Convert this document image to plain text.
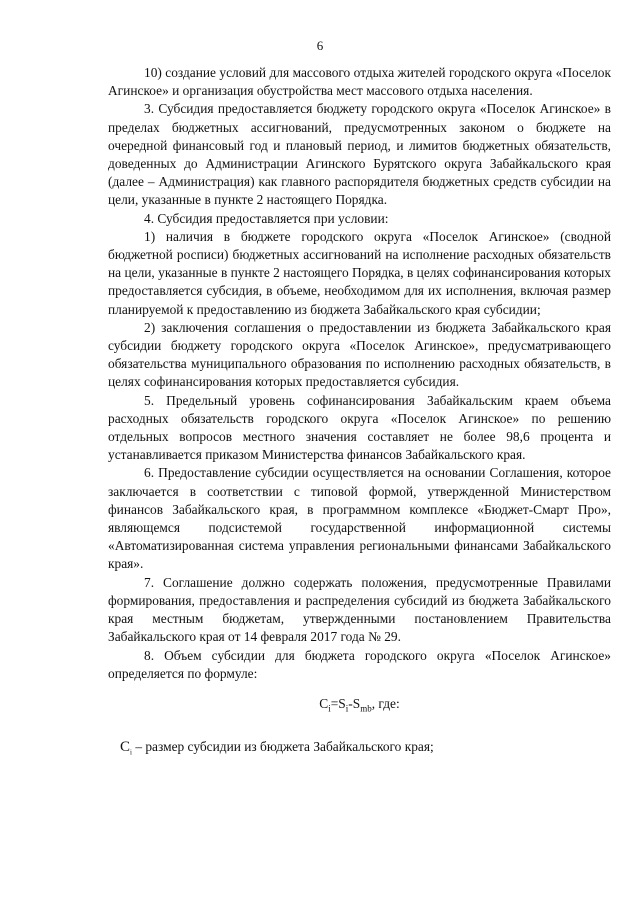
6

10) создание условий для массового отдыха жителей городского округа «Поселок Агинское» и организация обустройства мест массового отдыха населения.

3. Субсидия предоставляется бюджету городского округа «Поселок Агинское» в пределах бюджетных ассигнований, предусмотренных законом о бюджете на очередной финансовый год и плановый период, и лимитов бюджетных обязательств, доведенных до Администрации Агинского Бурятского округа Забайкальского края (далее – Администрация) как главного распорядителя бюджетных средств субсидии на цели, указанные в пункте 2 настоящего Порядка.

4. Субсидия предоставляется при условии:

1) наличия в бюджете городского округа «Поселок Агинское» (сводной бюджетной росписи) бюджетных ассигнований на исполнение расходных обязательств на цели, указанные в пункте 2 настоящего Порядка, в целях софинансирования которых предоставляется субсидия, в объеме, необходимом для их исполнения, включая размер планируемой к предоставлению из бюджета Забайкальского края субсидии;

2) заключения соглашения о предоставлении из бюджета Забайкальского края субсидии бюджету городского округа «Поселок Агинское», предусматривающего обязательства муниципального образования по исполнению расходных обязательств, в целях софинансирования которых предоставляется субсидия.

5. Предельный уровень софинансирования Забайкальским краем объема расходных обязательств городского округа «Поселок Агинское» по решению отдельных вопросов местного значения составляет не более 98,6 процента и устанавливается приказом Министерства финансов Забайкальского края.

6. Предоставление субсидии осуществляется на основании Соглашения, которое заключается в соответствии с типовой формой, утвержденной Министерством финансов Забайкальского края, в программном комплексе «Бюджет-Смарт Про», являющемся подсистемой государственной информационной системы «Автоматизированная система управления региональными финансами Забайкальского края».

7. Соглашение должно содержать положения, предусмотренные Правилами формирования, предоставления и распределения субсидий из бюджета Забайкальского края местным бюджетам, утвержденными постановлением Правительства Забайкальского края от 14 февраля 2017 года № 29.

8. Объем субсидии для бюджета городского округа «Поселок Агинское» определяется по формуле:

$C_i=S_i-S_{mb}$, где:

$C_i$ – размер субсидии из бюджета Забайкальского края;
